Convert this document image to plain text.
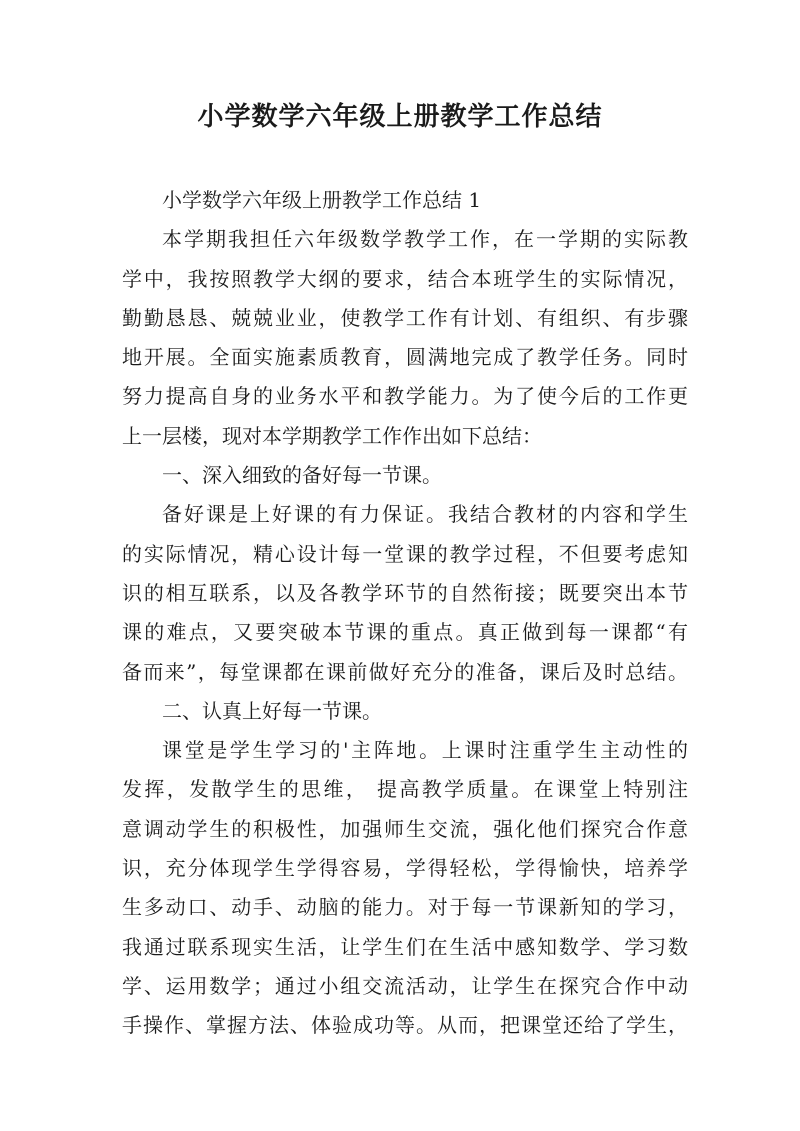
小学数学六年级上册教学工作总结
小学数学六年级上册教学工作总结 1
本学期我担任六年级数学教学工作，在一学期的实际教
学中，我按照教学大纲的要求，结合本班学生的实际情况，
勤勤恳恳、兢兢业业，使教学工作有计划、有组织、有步骤
地开展。全面实施素质教育，圆满地完成了教学任务。同时
努力提高自身的业务水平和教学能力。为了使今后的工作更
上一层楼，现对本学期教学工作作出如下总结：
一、深入细致的备好每一节课。
备好课是上好课的有力保证。我结合教材的内容和学生
的实际情况，精心设计每一堂课的教学过程，不但要考虑知
识的相互联系，以及各教学环节的自然衔接；既要突出本节
课的难点，又要突破本节课的重点。真正做到每一课都“有
备而来”，每堂课都在课前做好充分的准备，课后及时总结。
二、认真上好每一节课。
课堂是学生学习的'主阵地。上课时注重学生主动性的
发挥，发散学生的思维， 提高教学质量。在课堂上特别注
意调动学生的积极性，加强师生交流，强化他们探究合作意
识，充分体现学生学得容易，学得轻松，学得愉快，培养学
生多动口、动手、动脑的能力。对于每一节课新知的学习，
我通过联系现实生活，让学生们在生活中感知数学、学习数
学、运用数学；通过小组交流活动，让学生在探究合作中动
手操作、掌握方法、体验成功等。从而，把课堂还给了学生，
